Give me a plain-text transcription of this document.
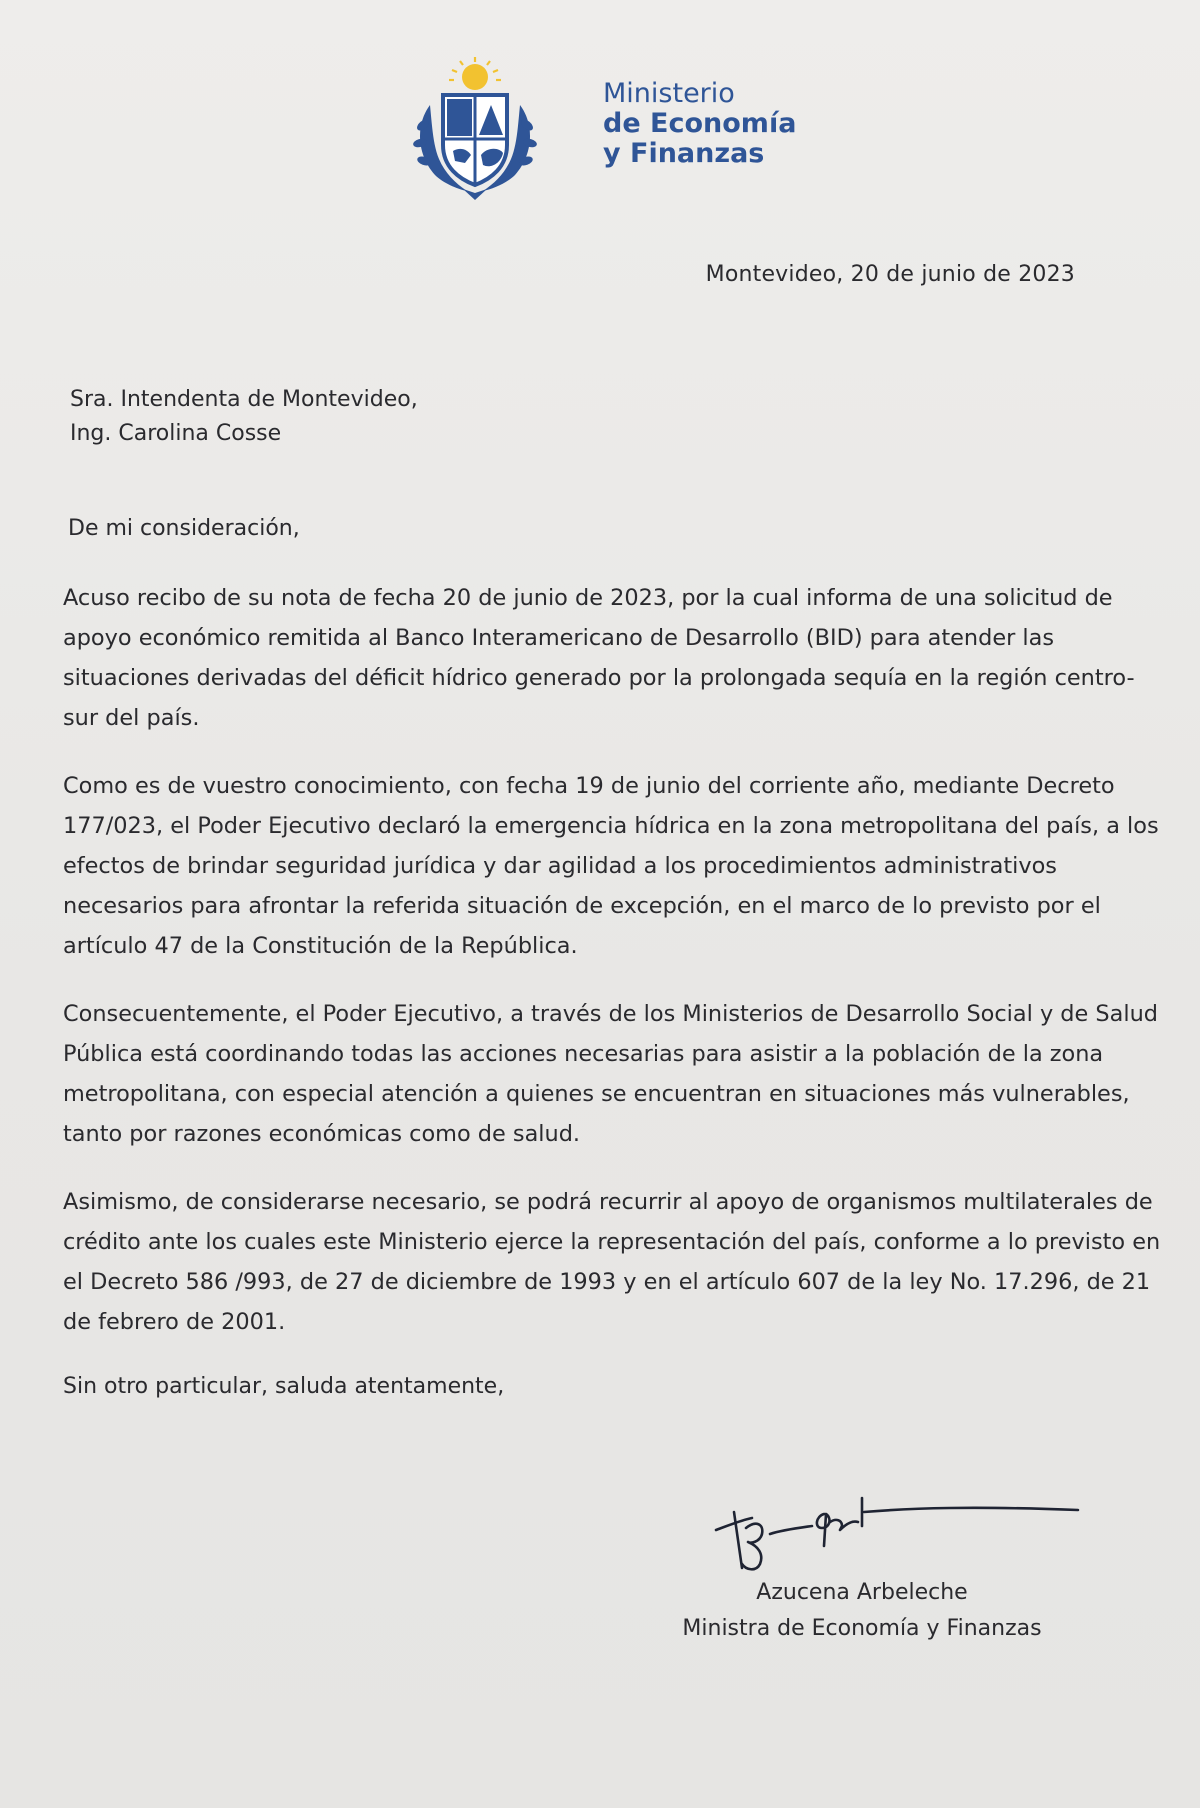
Ministerio
de Economía
y Finanzas
Montevideo, 20 de junio de 2023
Sra. Intendenta de Montevideo,
Ing. Carolina Cosse
De mi consideración,

Acuso recibo de su nota de fecha 20 de junio de 2023, por la cual informa de una solicitud de apoyo económico remitida al Banco Interamericano de Desarrollo (BID) para atender las situaciones derivadas del déficit hídrico generado por la prolongada sequía en la región centro-sur del país.

Como es de vuestro conocimiento, con fecha 19 de junio del corriente año, mediante Decreto 177/023, el Poder Ejecutivo declaró la emergencia hídrica en la zona metropolitana del país, a los efectos de brindar seguridad jurídica y dar agilidad a los procedimientos administrativos necesarios para afrontar la referida situación de excepción, en el marco de lo previsto por el artículo 47 de la Constitución de la República.

Consecuentemente, el Poder Ejecutivo, a través de los Ministerios de Desarrollo Social y de Salud Pública está coordinando todas las acciones necesarias para asistir a la población de la zona metropolitana, con especial atención a quienes se encuentran en situaciones más vulnerables, tanto por razones económicas como de salud.

Asimismo, de considerarse necesario, se podrá recurrir al apoyo de organismos multilaterales de crédito ante los cuales este Ministerio ejerce la representación del país, conforme a lo previsto en el Decreto 586 /993, de 27 de diciembre de 1993 y en el artículo 607 de la ley No. 17.296, de 21 de febrero de 2001.

Sin otro particular, saluda atentamente,
Azucena Arbeleche
Ministra de Economía y Finanzas
